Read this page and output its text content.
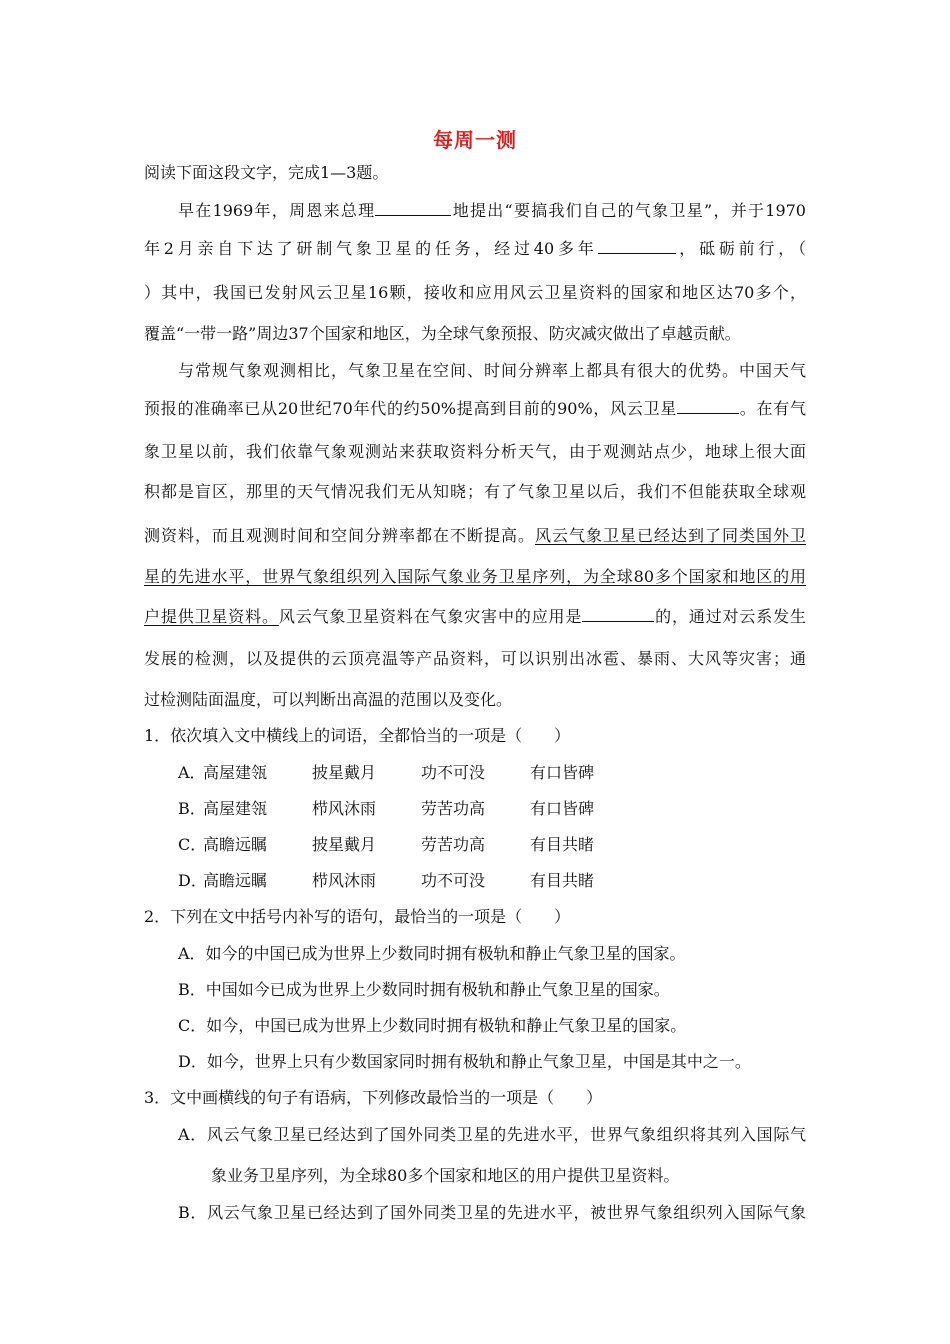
每周一测
阅读下面这段文字，完成1—3题。
早在1969年，周恩来总理	地提出“要搞我们自己的气象卫星”，并于1970
年2月亲自下达了研制气象卫星的任务，经过40多年	，砥砺前行，（
）其中，我国已发射风云卫星16颗，接收和应用风云卫星资料的国家和地区达70多个，
覆盖“一带一路”周边37个国家和地区，为全球气象预报、防灾减灾做出了卓越贡献。
与常规气象观测相比，气象卫星在空间、时间分辨率上都具有很大的优势。中国天气
预报的准确率已从20世纪70年代的约50%提高到目前的90%，风云卫星	。在有气
象卫星以前，我们依靠气象观测站来获取资料分析天气，由于观测站点少，地球上很大面
积都是盲区，那里的天气情况我们无从知晓；有了气象卫星以后，我们不但能获取全球观
测资料，而且观测时间和空间分辨率都在不断提高。风云气象卫星已经达到了同类国外卫
星的先进水平，世界气象组织列入国际气象业务卫星序列，为全球80多个国家和地区的用
户提供卫星资料。风云气象卫星资料在气象灾害中的应用是	的，通过对云系发生
发展的检测，以及提供的云顶亮温等产品资料，可以识别出冰雹、暴雨、大风等灾害；通
过检测陆面温度，可以判断出高温的范围以及变化。
1．依次填入文中横线上的词语，全都恰当的一项是（　　）
A．
高屋建瓴	披星戴月	功不可没	有口皆碑
B．
高屋建瓴	栉风沐雨	劳苦功高	有口皆碑
C．
高瞻远瞩	披星戴月	劳苦功高	有目共睹
D．
高瞻远瞩	栉风沐雨	功不可没	有目共睹
2．下列在文中括号内补写的语句，最恰当的一项是（　　）
A．如今的中国已成为世界上少数同时拥有极轨和静止气象卫星的国家。
B．中国如今已成为世界上少数同时拥有极轨和静止气象卫星的国家。
C．如今，中国已成为世界上少数同时拥有极轨和静止气象卫星的国家。
D．如今，世界上只有少数国家同时拥有极轨和静止气象卫星，中国是其中之一。
3．文中画横线的句子有语病，下列修改最恰当的一项是（　　）
A．风云气象卫星已经达到了国外同类卫星的先进水平，世界气象组织将其列入国际气
象业务卫星序列，为全球80多个国家和地区的用户提供卫星资料。
B．风云气象卫星已经达到了国外同类卫星的先进水平，被世界气象组织列入国际气象
